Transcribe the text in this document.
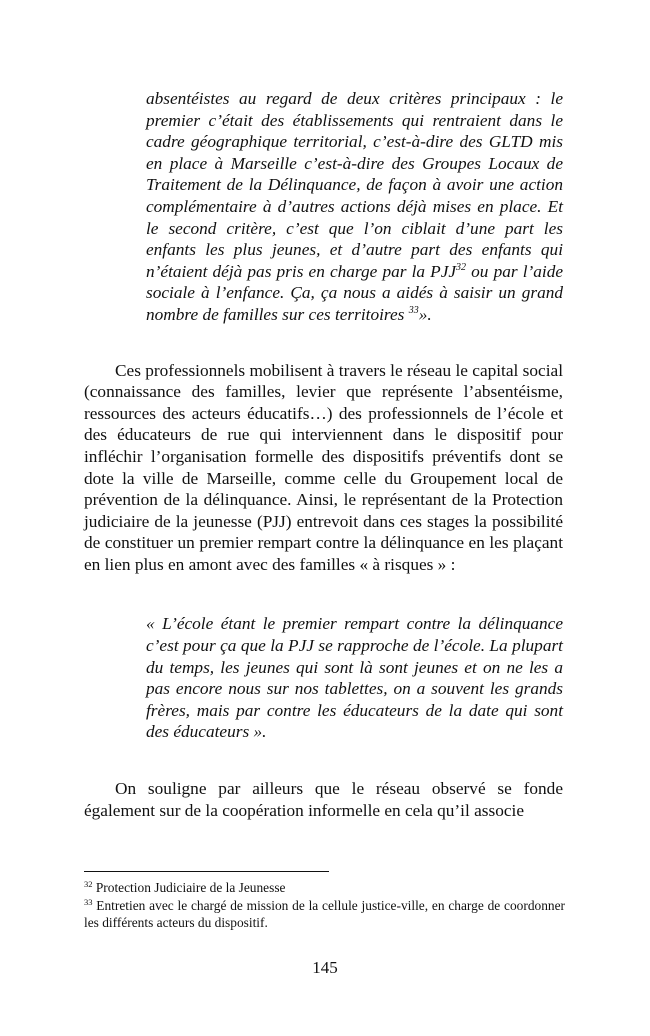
absentéistes au regard de deux critères principaux : le premier c’était des établissements qui rentraient dans le cadre géographique territorial, c’est-à-dire des GLTD mis en place à Marseille c’est-à-dire des Groupes Locaux de Traitement de la Délinquance, de façon à avoir une action complémentaire à d’autres actions déjà mises en place. Et le second critère, c’est que l’on ciblait d’une part les enfants les plus jeunes, et d’autre part des enfants qui n’étaient déjà pas pris en charge par la PJJ$^{32}$ ou par l’aide sociale à l’enfance. Ça, ça nous a aidés à saisir un grand nombre de familles sur ces territoires $^{33}$».

Ces professionnels mobilisent à travers le réseau le capital social (connaissance des familles, levier que représente l’absentéisme, ressources des acteurs éducatifs…) des professionnels de l’école et des éducateurs de rue qui interviennent dans le dispositif pour infléchir l’organisation formelle des dispositifs préventifs dont se dote la ville de Marseille, comme celle du Groupement local de prévention de la délinquance. Ainsi, le représentant de la Protection judiciaire de la jeunesse (PJJ) entrevoit dans ces stages la possibilité de constituer un premier rempart contre la délinquance en les plaçant en lien plus en amont avec des familles « à risques » :

« L’école étant le premier rempart contre la délinquance c’est pour ça que la PJJ se rapproche de l’école. La plupart du temps, les jeunes qui sont là sont jeunes et on ne les a pas encore nous sur nos tablettes, on a souvent les grands frères, mais par contre les éducateurs de la date qui sont des éducateurs ».

On souligne par ailleurs que le réseau observé se fonde également sur de la coopération informelle en cela qu’il associe

$^{32}$ Protection Judiciaire de la Jeunesse
$^{33}$ Entretien avec le chargé de mission de la cellule justice-ville, en charge de coordonner les différents acteurs du dispositif.
145
